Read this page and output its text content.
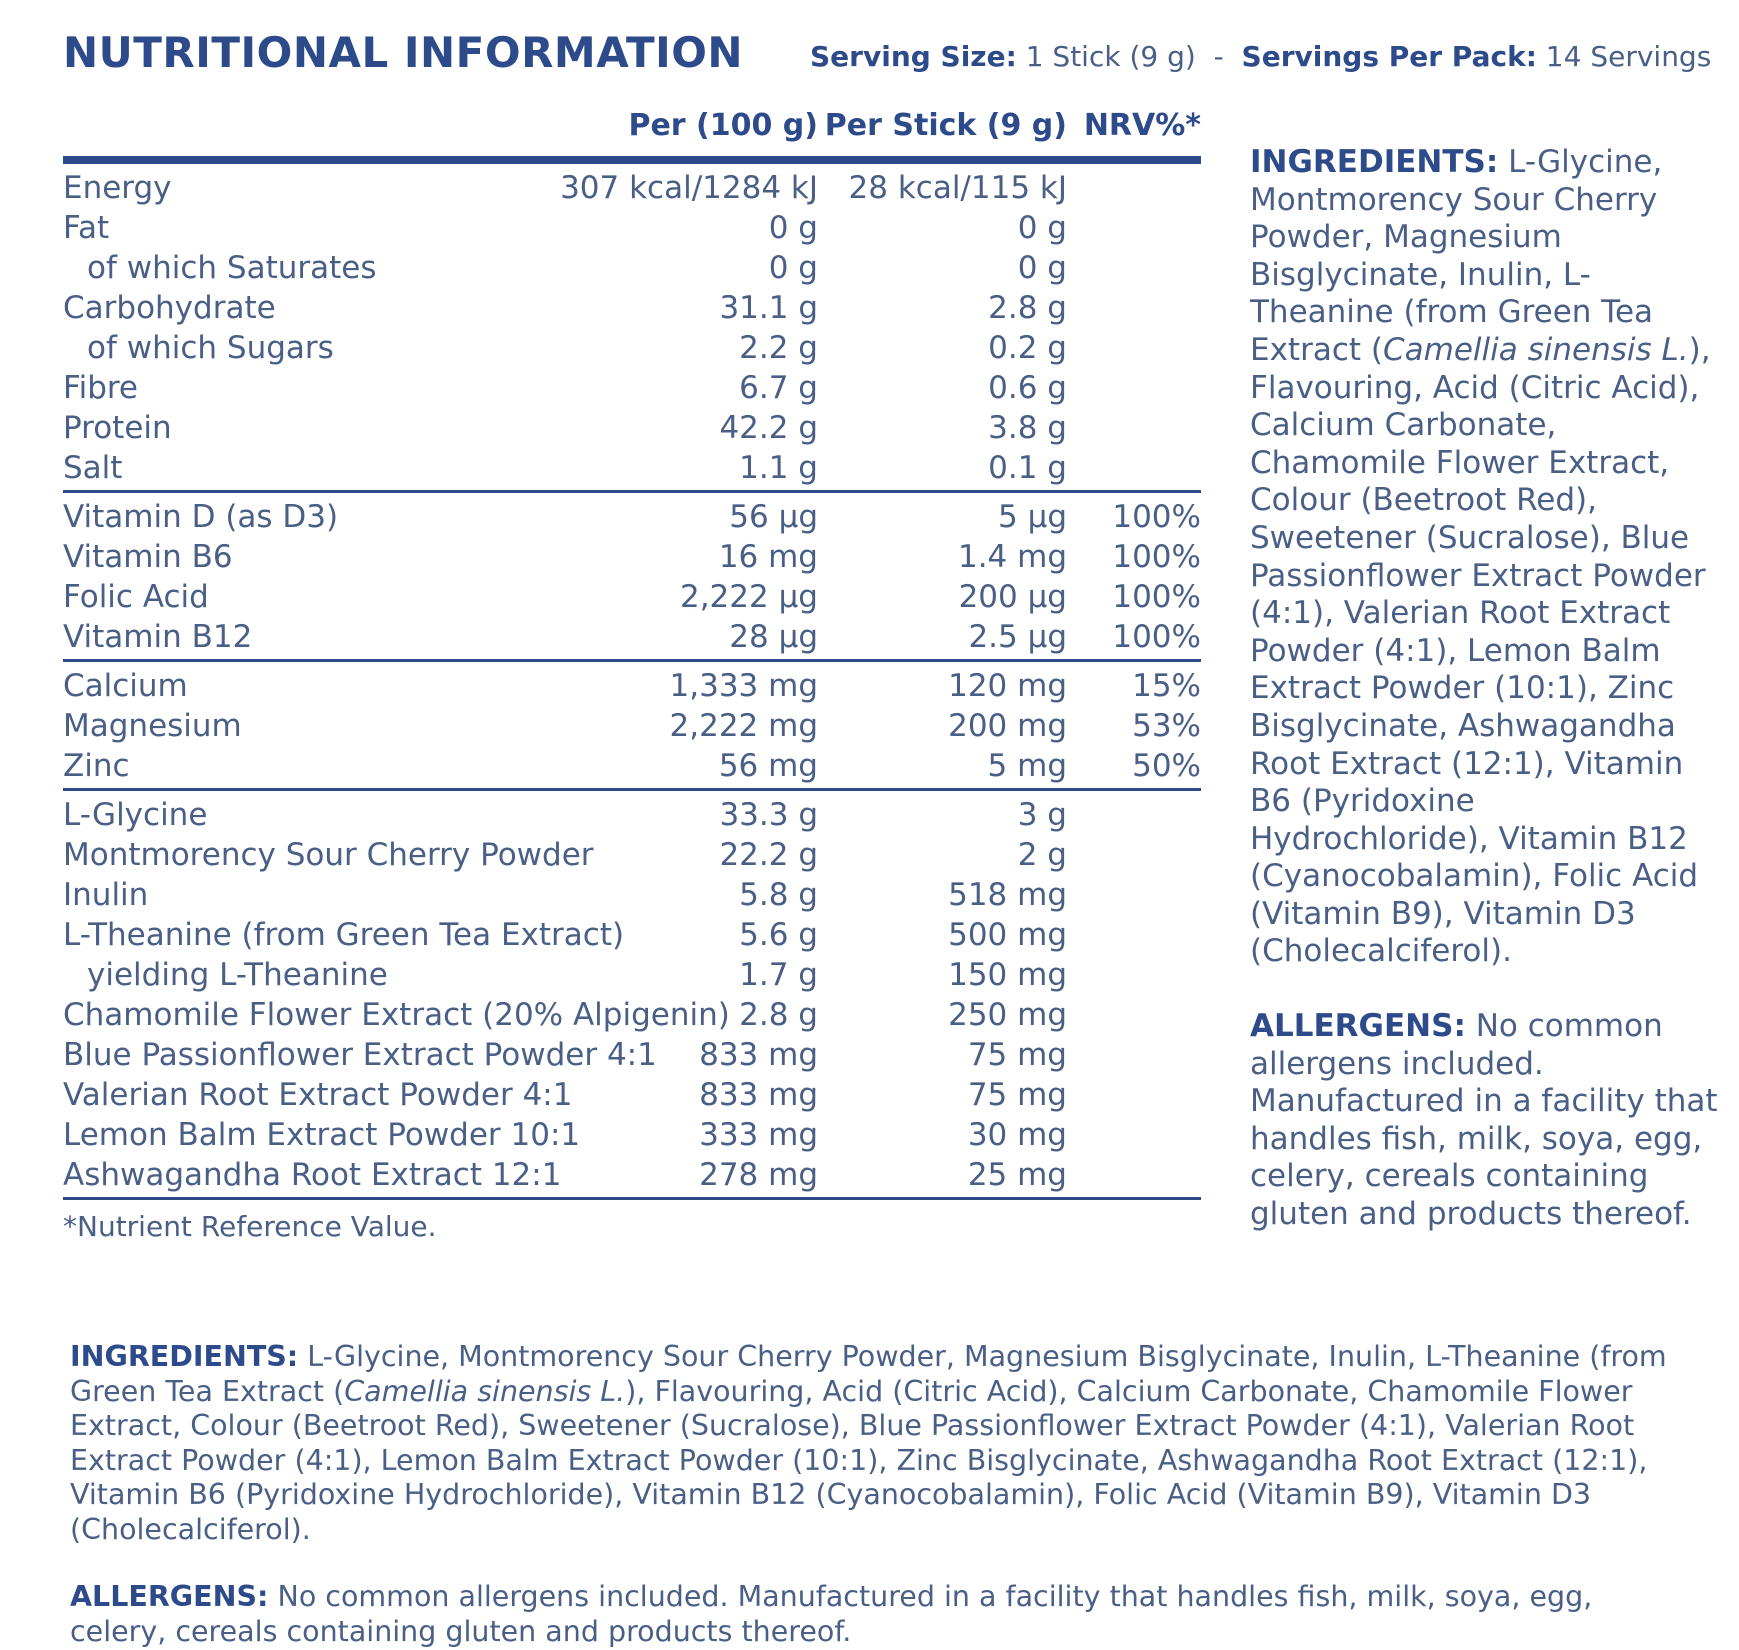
NUTRITIONAL INFORMATION Serving Size: 1 Stick (9 g) - Servings Per Pack: 14 Servings
Per (100 g) Per Stick (9 g) NRV%*
Energy	307 kcal/1284 kJ 28 kcal/115 kJ
Fat	0 g	0 g
of which Saturates	0 g	0 g
Carbohydrate	31.1 g	2.8 g
of which Sugars	2.2 g	0.2 g
Fibre	6.7 g	0.6 g
Protein	42.2 g	3.8 g
Salt	1.1 g	0.1 g
Vitamin D (as D3)	56 µg	5 µg 100%
Vitamin B6	16 mg	1.4 mg 100%
Folic Acid	2,222 µg	200 µg 100%
Vitamin B12	28 µg	2.5 µg 100%
Calcium	1,333 mg	120 mg 15%
Magnesium	2,222 mg	200 mg 53%
Zinc	56 mg	5 mg 50%
L-Glycine	33.3 g	3 g
Montmorency Sour Cherry Powder	22.2 g	2 g
Inulin	5.8 g	518 mg
L-Theanine (from Green Tea Extract)	5.6 g	500 mg
yielding L-Theanine	1.7 g	150 mg
Chamomile Flower Extract (20% Alpigenin) 2.8 g	250 mg
Blue Passionflower Extract Powder 4:1 833 mg	75 mg
Valerian Root Extract Powder 4:1	833 mg	75 mg
Lemon Balm Extract Powder 10:1	333 mg	30 mg
Ashwagandha Root Extract 12:1	278 mg	25 mg
*Nutrient Reference Value.

INGREDIENTS: L-Glycine, Montmorency Sour Cherry Powder, Magnesium Bisglycinate, Inulin, L-Theanine (from Green Tea Extract (Camellia sinensis L.), Flavouring, Acid (Citric Acid), Calcium Carbonate, Chamomile Flower Extract, Colour (Beetroot Red), Sweetener (Sucralose), Blue Passionflower Extract Powder (4:1), Valerian Root Extract Powder (4:1), Lemon Balm Extract Powder (10:1), Zinc Bisglycinate, Ashwagandha Root Extract (12:1), Vitamin B6 (Pyridoxine Hydrochloride), Vitamin B12 (Cyanocobalamin), Folic Acid (Vitamin B9), Vitamin D3 (Cholecalciferol).

ALLERGENS: No common allergens included. Manufactured in a facility that handles fish, milk, soya, egg, celery, cereals containing gluten and products thereof.

INGREDIENTS: L-Glycine, Montmorency Sour Cherry Powder, Magnesium Bisglycinate, Inulin, L-Theanine (from Green Tea Extract (Camellia sinensis L.), Flavouring, Acid (Citric Acid), Calcium Carbonate, Chamomile Flower Extract, Colour (Beetroot Red), Sweetener (Sucralose), Blue Passionflower Extract Powder (4:1), Valerian Root Extract Powder (4:1), Lemon Balm Extract Powder (10:1), Zinc Bisglycinate, Ashwagandha Root Extract (12:1), Vitamin B6 (Pyridoxine Hydrochloride), Vitamin B12 (Cyanocobalamin), Folic Acid (Vitamin B9), Vitamin D3 (Cholecalciferol).

ALLERGENS: No common allergens included. Manufactured in a facility that handles fish, milk, soya, egg, celery, cereals containing gluten and products thereof.
